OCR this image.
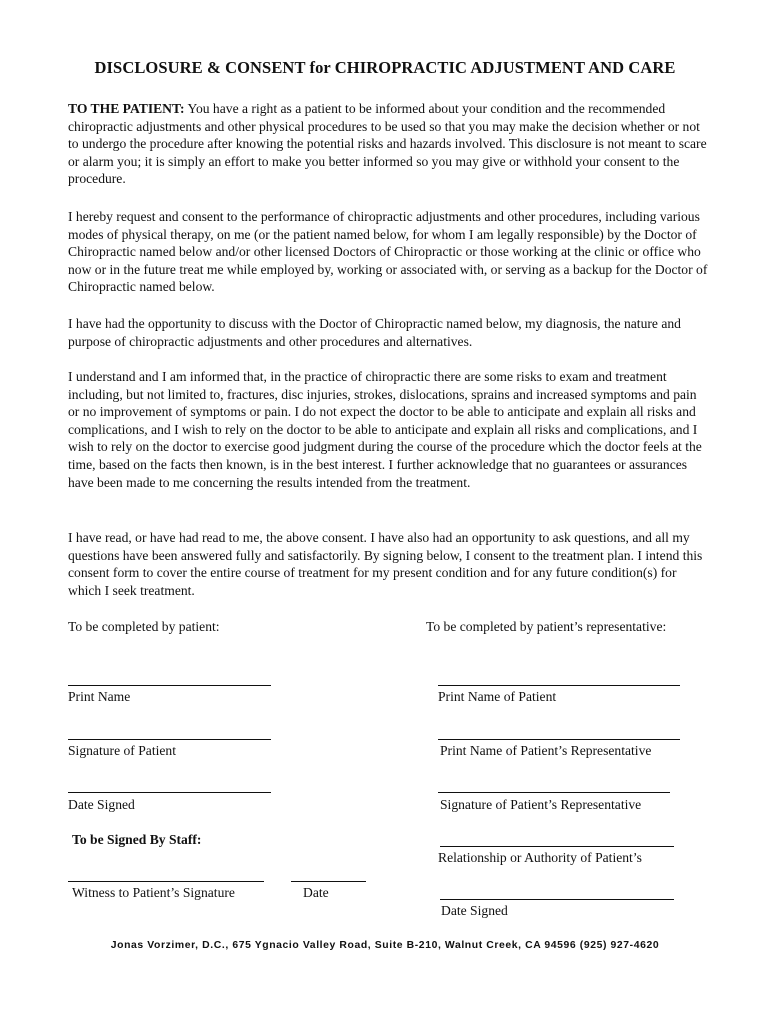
DISCLOSURE & CONSENT for CHIROPRACTIC ADJUSTMENT AND CARE

TO THE PATIENT: You have a right as a patient to be informed about your condition and the recommended chiropractic adjustments and other physical procedures to be used so that you may make the decision whether or not to undergo the procedure after knowing the potential risks and hazards involved. This disclosure is not meant to scare or alarm you; it is simply an effort to make you better informed so you may give or withhold your consent to the procedure.

I hereby request and consent to the performance of chiropractic adjustments and other procedures, including various modes of physical therapy, on me (or the patient named below, for whom I am legally responsible) by the Doctor of Chiropractic named below and/or other licensed Doctors of Chiropractic or those working at the clinic or office who now or in the future treat me while employed by, working or associated with, or serving as a backup for the Doctor of Chiropractic named below.

I have had the opportunity to discuss with the Doctor of Chiropractic named below, my diagnosis, the nature and purpose of chiropractic adjustments and other procedures and alternatives.

I understand and I am informed that, in the practice of chiropractic there are some risks to exam and treatment including, but not limited to, fractures, disc injuries, strokes, dislocations, sprains and increased symptoms and pain or no improvement of symptoms or pain. I do not expect the doctor to be able to anticipate and explain all risks and complications, and I wish to rely on the doctor to be able to anticipate and explain all risks and complications, and I wish to rely on the doctor to exercise good judgment during the course of the procedure which the doctor feels at the time, based on the facts then known, is in the best interest. I further acknowledge that no guarantees or assurances have been made to me concerning the results intended from the treatment.

I have read, or have had read to me, the above consent. I have also had an opportunity to ask questions, and all my questions have been answered fully and satisfactorily. By signing below, I consent to the treatment plan. I intend this consent form to cover the entire course of treatment for my present condition and for any future condition(s) for which I seek treatment.

To be completed by patient:	To be completed by patient’s representative:
Print Name
Signature of Patient
Date Signed
Print Name of Patient
Print Name of Patient’s Representative
Signature of Patient’s Representative
Relationship or Authority of Patient’s
Date Signed
To be Signed By Staff:
Witness to Patient’s Signature	Date
Jonas Vorzimer, D.C., 675 Ygnacio Valley Road, Suite B-210, Walnut Creek, CA 94596 (925) 927-4620
